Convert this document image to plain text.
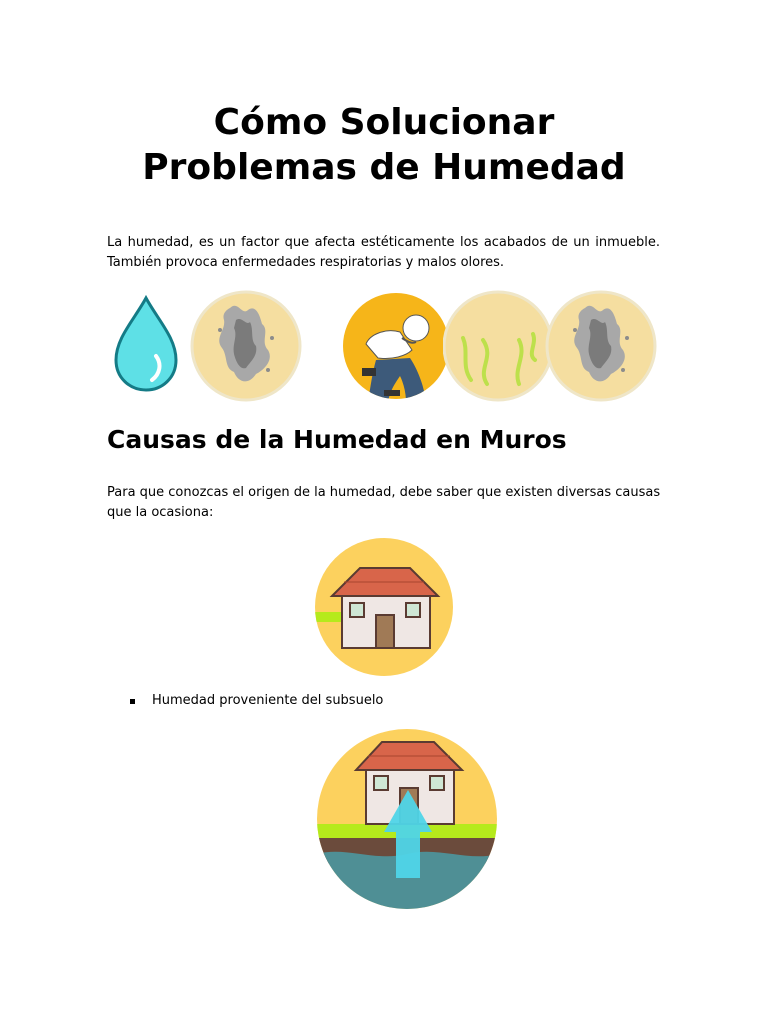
Cómo Solucionar
Problemas de Humedad
La humedad, es un factor que afecta estéticamente los acabados de un inmueble.
También provoca enfermedades respiratorias y malos olores.
Causas de la Humedad en Muros
Para que conozcas el origen de la humedad, debe saber que existen diversas causas que la ocasiona:
Humedad proveniente del subsuelo
